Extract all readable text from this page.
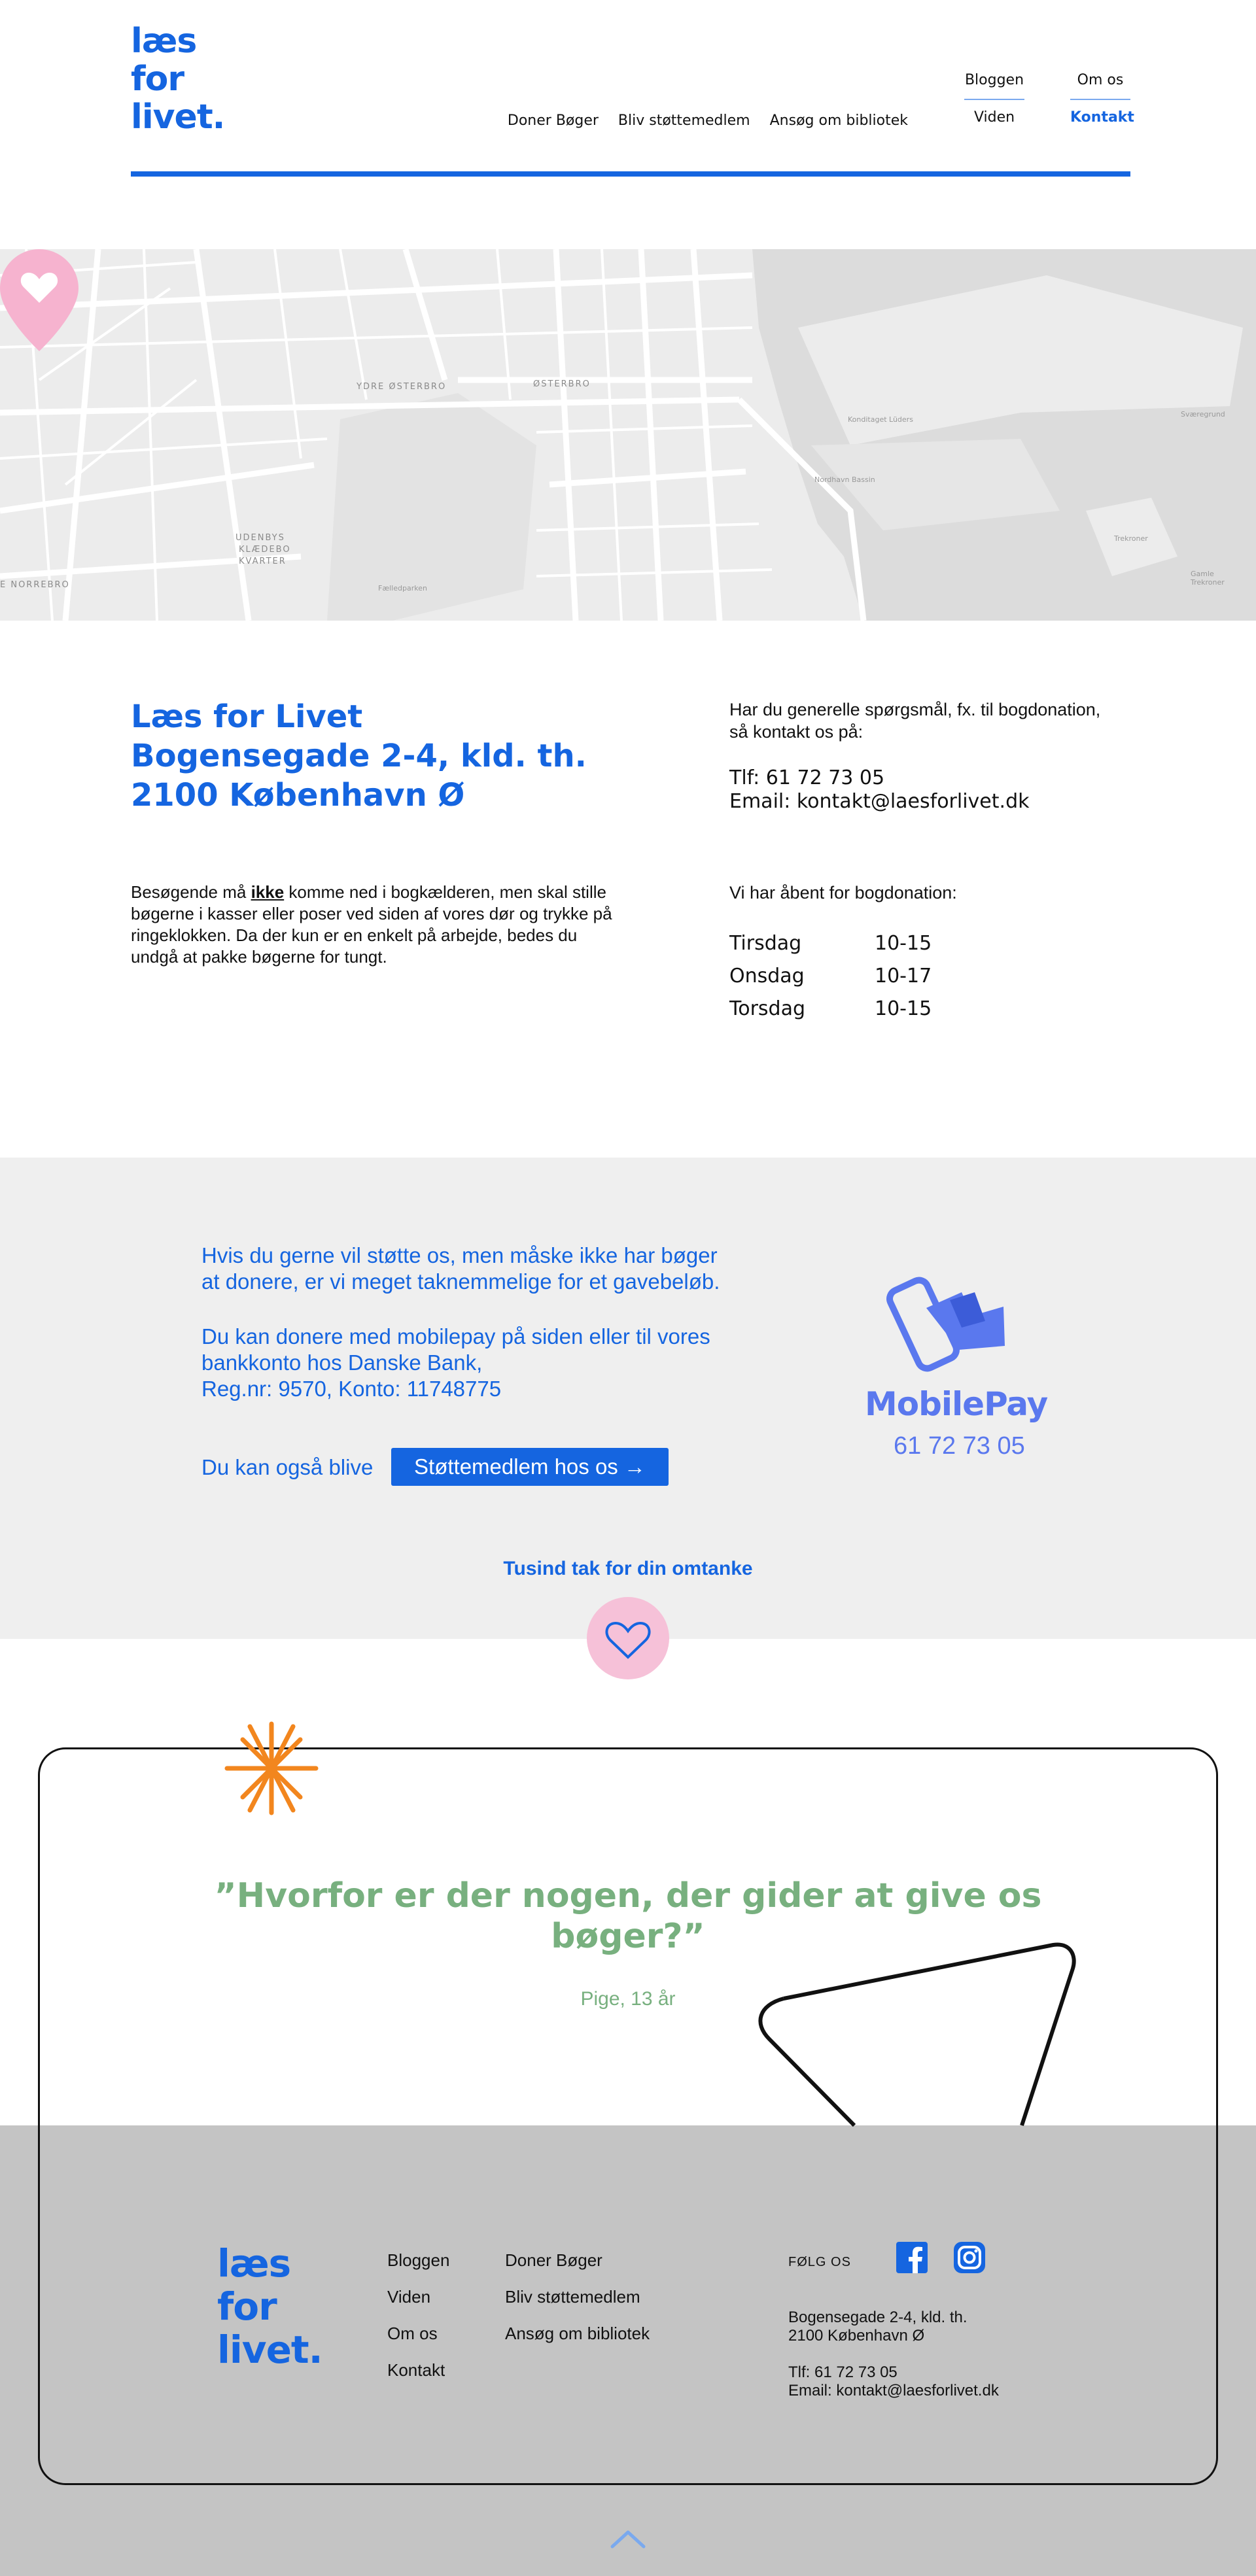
læs
for
livet.	Doner Bøger Bliv støttemedlem Ansøg om bibliotek
Bloggen
Viden
Om os
Kontakt
YDRE ØSTERBRO	ØSTERBRO
UDENBYS
KLÆDEBO
KVARTER
E NORREBRO	Fælledparken
Nordhavn Bassin
Konditaget Lüders
Trekroner
Gamle Trekroner
Sværegrund
Læs for Livet
Bogensegade 2-4, kld. th.
2100 København Ø
Har du generelle spørgsmål, fx. til bogdonation,
så kontakt os på:
Tlf: 61 72 73 05
Email: kontakt@laesforlivet.dk
Besøgende må ikke komme ned i bogkælderen, men skal stille bøgerne i kasser eller poser ved siden af vores dør og trykke på ringeklokken. Da der kun er en enkelt på arbejde, bedes du undgå at pakke bøgerne for tungt.
Vi har åbent for bogdonation:
Tirsdag	10-15
Onsdag	10-17
Torsdag	10-15
Hvis du gerne vil støtte os, men måske ikke har bøger
at donere, er vi meget taknemmelige for et gavebeløb.
Du kan donere med mobilepay på siden eller til vores
bankkonto hos Danske Bank,
Reg.nr: 9570, Konto: 11748775
Du kan også blive	Støttemedlem hos os →
MobilePay
61 72 73 05
Tusind tak for din omtanke
”Hvorfor er der nogen, der gider at give os
bøger?”
Pige, 13 år
læs
for
livet.
Bloggen
Viden
Om os
Kontakt
Doner Bøger
Bliv støttemedlem
Ansøg om bibliotek
FØLG OS
Bogensegade 2-4, kld. th.
2100 København Ø
Tlf: 61 72 73 05
Email: kontakt@laesforlivet.dk
